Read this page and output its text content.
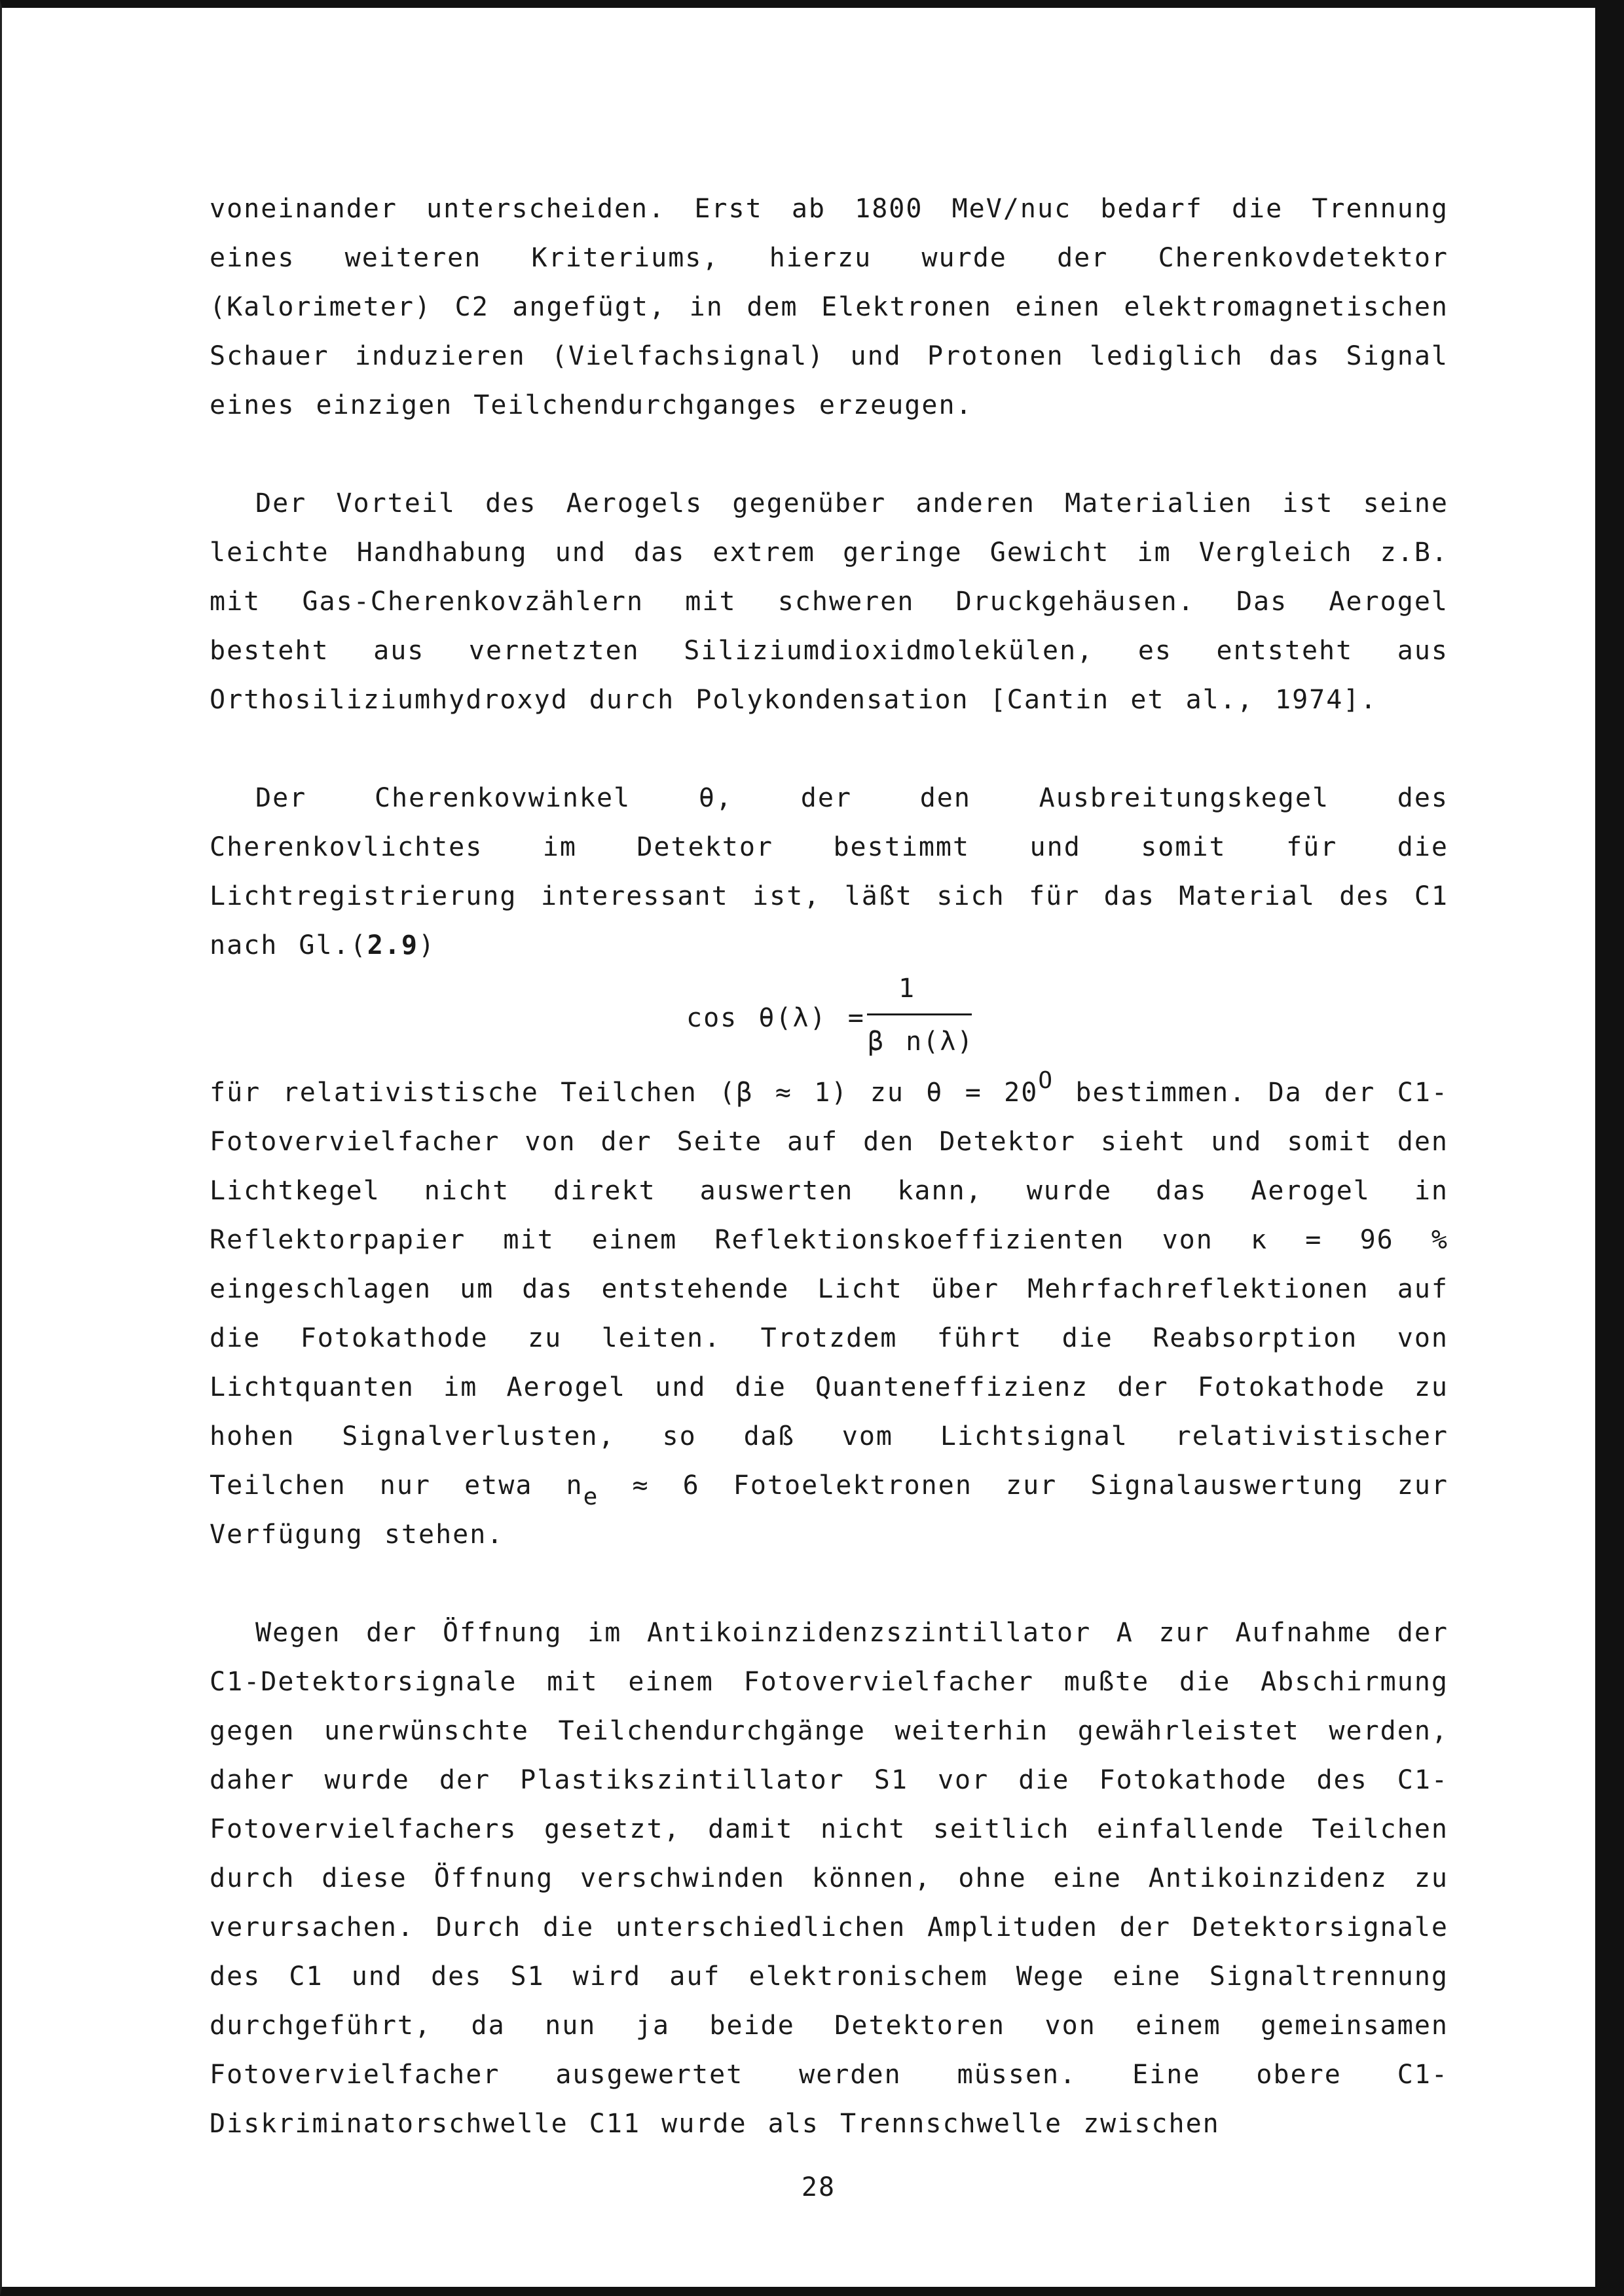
voneinander unterscheiden. Erst ab 1800 MeV/nuc bedarf die Trennung eines weiteren Kriteriums, hierzu wurde der Cherenkovdetektor (Kalorimeter) C2 angefügt, in dem Elektronen einen elektromagnetischen Schauer induzieren (Vielfachsignal) und Protonen lediglich das Signal eines einzigen Teilchendurchganges erzeugen.

Der Vorteil des Aerogels gegenüber anderen Materialien ist seine leichte Handhabung und das extrem geringe Gewicht im Vergleich z.B. mit Gas-Cherenkovzählern mit schweren Druckgehäusen. Das Aerogel besteht aus vernetzten Siliziumdioxidmolekülen, es entsteht aus Orthosiliziumhydroxyd durch Polykondensation [Cantin et al., 1974].

Der Cherenkovwinkel θ, der den Ausbreitungskegel des Cherenkovlichtes im Detektor bestimmt und somit für die Lichtregistrierung interessant ist, läßt sich für das Material des C1 nach Gl.(2.9)

cos θ(λ) =
1
β n(λ)

für relativistische Teilchen (β ≈ 1) zu θ = 20O bestimmen. Da der C1-Fotovervielfacher von der Seite auf den Detektor sieht und somit den Lichtkegel nicht direkt auswerten kann, wurde das Aerogel in Reflektorpapier mit einem Reflektionskoeffizienten von κ = 96 % eingeschlagen um das entstehende Licht über Mehrfachreflektionen auf die Fotokathode zu leiten. Trotzdem führt die Reabsorption von Lichtquanten im Aerogel und die Quanteneffizienz der Fotokathode zu hohen Signalverlusten, so daß vom Lichtsignal relativistischer Teilchen nur etwa ne ≈ 6 Fotoelektronen zur Signalauswertung zur Verfügung stehen.

Wegen der Öffnung im Antikoinzidenzszintillator A zur Aufnahme der C1-Detektorsignale mit einem Fotovervielfacher mußte die Abschirmung gegen unerwünschte Teilchendurchgänge weiterhin gewährleistet werden, daher wurde der Plastikszintillator S1 vor die Fotokathode des C1-Fotovervielfachers gesetzt, damit nicht seitlich einfallende Teilchen durch diese Öffnung verschwinden können, ohne eine Antikoinzidenz zu verursachen. Durch die unterschiedlichen Amplituden der Detektorsignale des C1 und des S1 wird auf elektronischem Wege eine Signaltrennung durchgeführt, da nun ja beide Detektoren von einem gemeinsamen Fotovervielfacher ausgewertet werden müssen. Eine obere C1-Diskriminatorschwelle C11 wurde als Trennschwelle zwischen

28
